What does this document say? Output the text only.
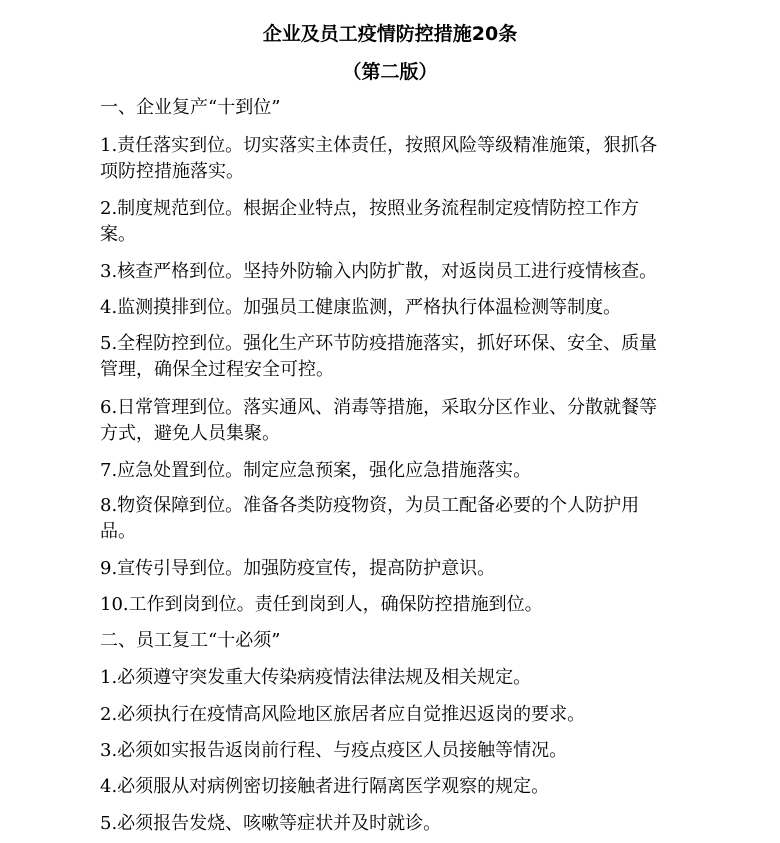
企业及员工疫情防控措施20条
（第二版）

一、企业复产“十到位”

1.责任落实到位。切实落实主体责任，按照风险等级精准施策，狠抓各

项防控措施落实。

2.制度规范到位。根据企业特点，按照业务流程制定疫情防控工作方

案。

3.核查严格到位。坚持外防输入内防扩散，对返岗员工进行疫情核查。

4.监测摸排到位。加强员工健康监测，严格执行体温检测等制度。

5.全程防控到位。强化生产环节防疫措施落实，抓好环保、安全、质量

管理，确保全过程安全可控。

6.日常管理到位。落实通风、消毒等措施，采取分区作业、分散就餐等

方式，避免人员集聚。

7.应急处置到位。制定应急预案，强化应急措施落实。

8.物资保障到位。准备各类防疫物资，为员工配备必要的个人防护用

品。

9.宣传引导到位。加强防疫宣传，提高防护意识。

10.工作到岗到位。责任到岗到人，确保防控措施到位。

二、员工复工“十必须”

1.必须遵守突发重大传染病疫情法律法规及相关规定。

2.必须执行在疫情高风险地区旅居者应自觉推迟返岗的要求。

3.必须如实报告返岗前行程、与疫点疫区人员接触等情况。

4.必须服从对病例密切接触者进行隔离医学观察的规定。

5.必须报告发烧、咳嗽等症状并及时就诊。
